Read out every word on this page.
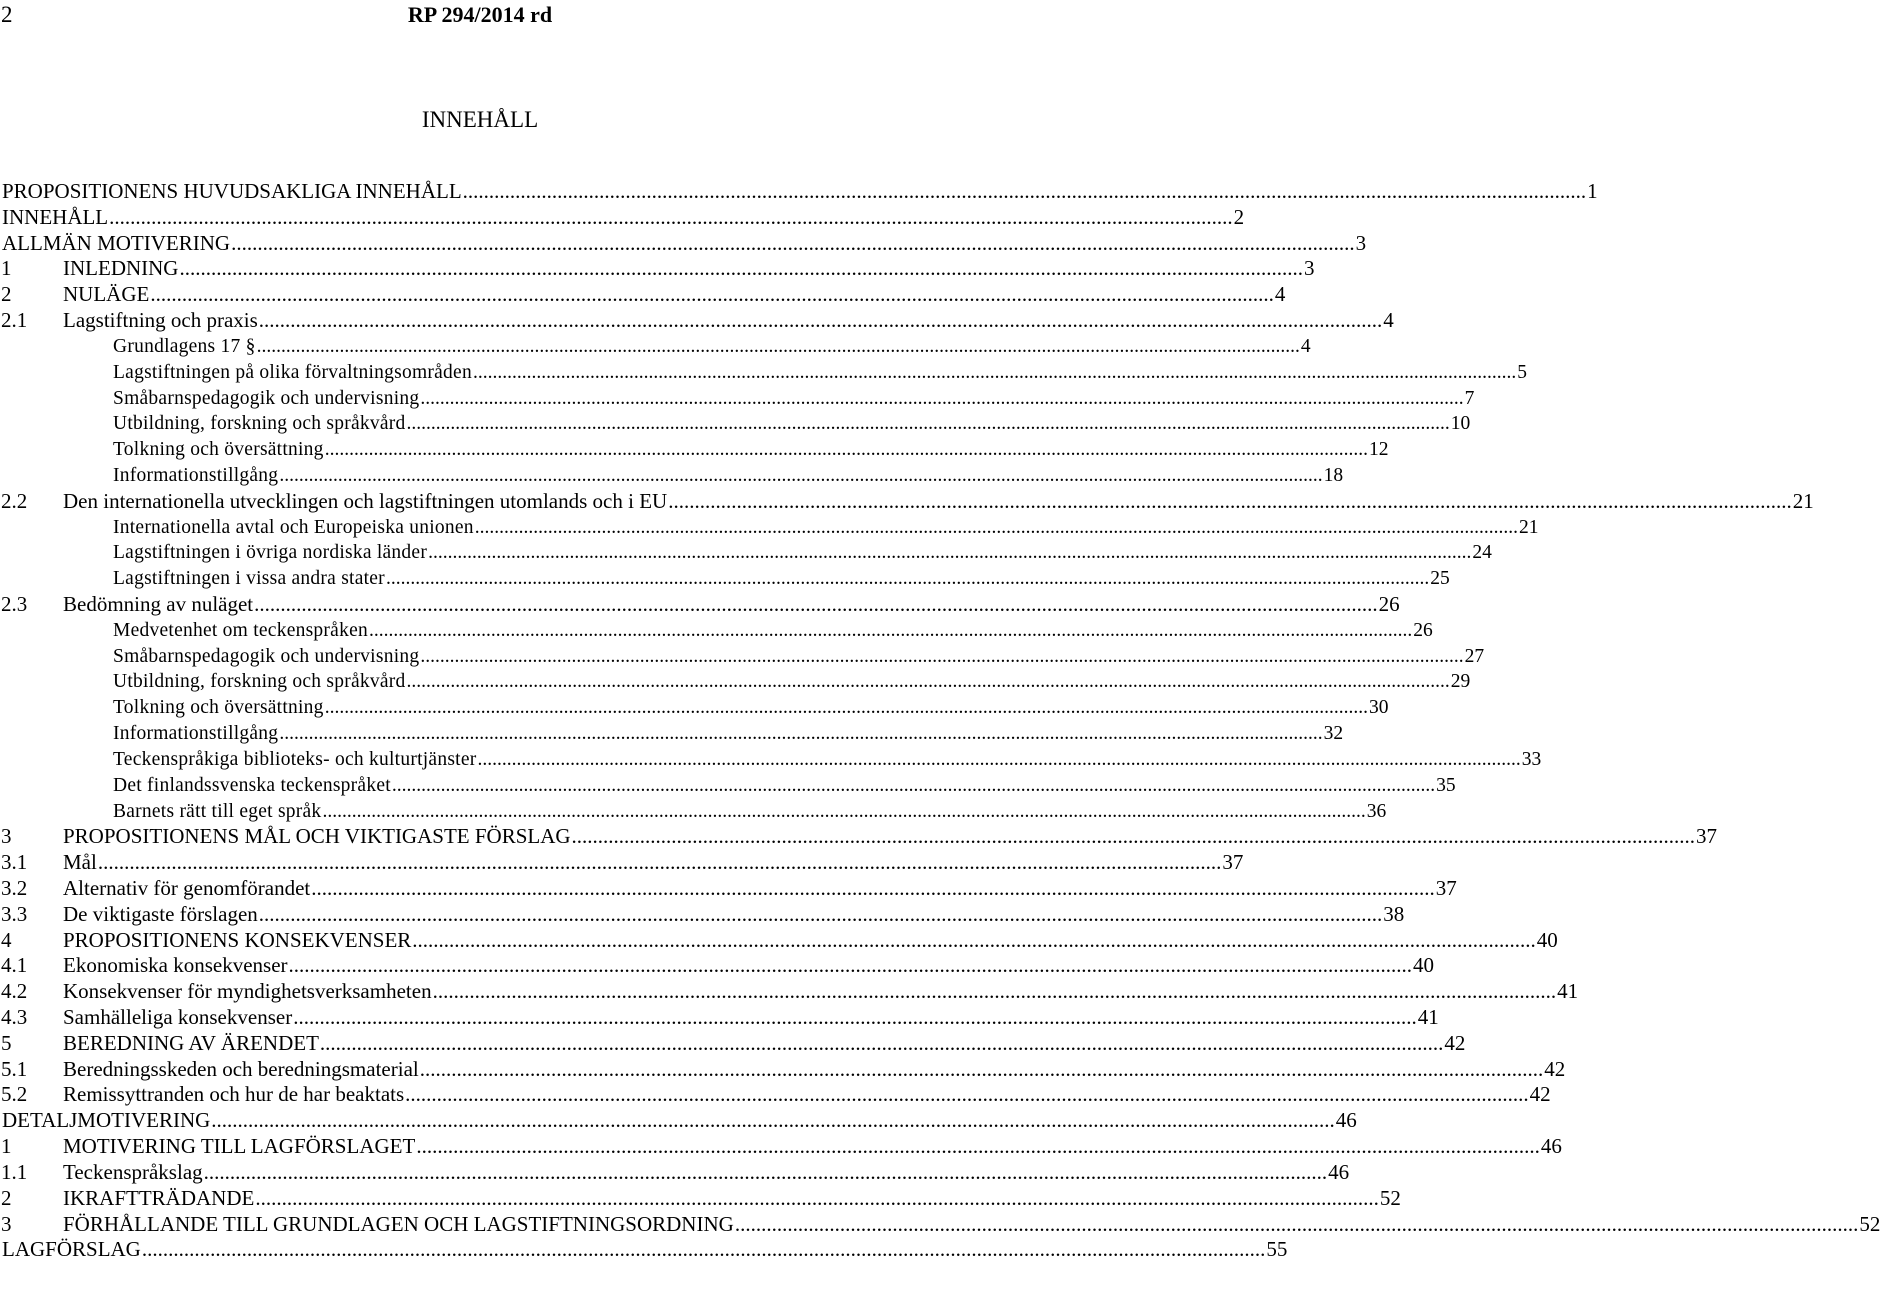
2	RP 294/2014 rd
INNEHÅLL
PROPOSITIONENS HUVUDSAKLIGA INNEHÅLL ...................................................................................................................................................................................................................... 1
INNEHÅLL ...................................................................................................................................................................................................................... 2
ALLMÄN MOTIVERING ...................................................................................................................................................................................................................... 3
1	INLEDNING ...................................................................................................................................................................................................................... 3
2	NULÄGE ...................................................................................................................................................................................................................... 4
2.1	Lagstiftning och praxis ...................................................................................................................................................................................................................... 4
Grundlagens 17 § ...................................................................................................................................................................................................................... 4
Lagstiftningen på olika förvaltningsområden ...................................................................................................................................................................................................................... 5
Småbarnspedagogik och undervisning ...................................................................................................................................................................................................................... 7
Utbildning, forskning och språkvård ...................................................................................................................................................................................................................... 10
Tolkning och översättning ...................................................................................................................................................................................................................... 12
Informationstillgång ...................................................................................................................................................................................................................... 18
2.2	Den internationella utvecklingen och lagstiftningen utomlands och i EU ...................................................................................................................................................................................................................... 21
Internationella avtal och Europeiska unionen ...................................................................................................................................................................................................................... 21
Lagstiftningen i övriga nordiska länder ...................................................................................................................................................................................................................... 24
Lagstiftningen i vissa andra stater ...................................................................................................................................................................................................................... 25
2.3	Bedömning av nuläget ...................................................................................................................................................................................................................... 26
Medvetenhet om teckenspråken ...................................................................................................................................................................................................................... 26
Småbarnspedagogik och undervisning ...................................................................................................................................................................................................................... 27
Utbildning, forskning och språkvård ...................................................................................................................................................................................................................... 29
Tolkning och översättning ...................................................................................................................................................................................................................... 30
Informationstillgång ...................................................................................................................................................................................................................... 32
Teckenspråkiga biblioteks- och kulturtjänster ...................................................................................................................................................................................................................... 33
Det finlandssvenska teckenspråket ...................................................................................................................................................................................................................... 35
Barnets rätt till eget språk ...................................................................................................................................................................................................................... 36
3	PROPOSITIONENS MÅL OCH VIKTIGASTE FÖRSLAG ...................................................................................................................................................................................................................... 37
3.1	Mål ...................................................................................................................................................................................................................... 37
3.2	Alternativ för genomförandet ...................................................................................................................................................................................................................... 37
3.3	De viktigaste förslagen ...................................................................................................................................................................................................................... 38
4	PROPOSITIONENS KONSEKVENSER ...................................................................................................................................................................................................................... 40
4.1	Ekonomiska konsekvenser ...................................................................................................................................................................................................................... 40
4.2	Konsekvenser för myndighetsverksamheten ...................................................................................................................................................................................................................... 41
4.3	Samhälleliga konsekvenser ...................................................................................................................................................................................................................... 41
5	BEREDNING AV ÄRENDET ...................................................................................................................................................................................................................... 42
5.1	Beredningsskeden och beredningsmaterial ...................................................................................................................................................................................................................... 42
5.2	Remissyttranden och hur de har beaktats ...................................................................................................................................................................................................................... 42
DETALJMOTIVERING ...................................................................................................................................................................................................................... 46
1	MOTIVERING TILL LAGFÖRSLAGET ...................................................................................................................................................................................................................... 46
1.1	Teckenspråkslag ...................................................................................................................................................................................................................... 46
2	IKRAFTTRÄDANDE ...................................................................................................................................................................................................................... 52
3	FÖRHÅLLANDE TILL GRUNDLAGEN OCH LAGSTIFTNINGSORDNING ...................................................................................................................................................................................................................... 52
LAGFÖRSLAG ...................................................................................................................................................................................................................... 55
